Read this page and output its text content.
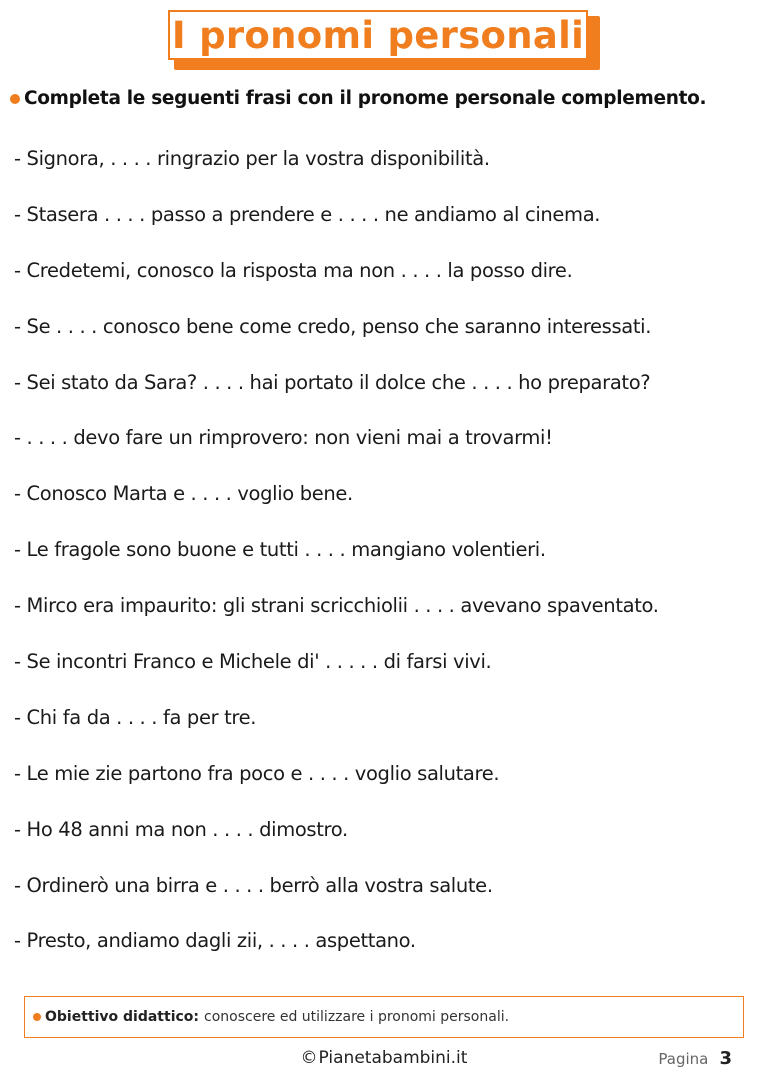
I pronomi personali
Completa le seguenti frasi con il pronome personale complemento.
- Signora, . . . . ringrazio per la vostra disponibilità.
- Stasera . . . . passo a prendere e . . . . ne andiamo al cinema.
- Credetemi, conosco la risposta ma non . . . . la posso dire.
- Se . . . . conosco bene come credo, penso che saranno interessati.
- Sei stato da Sara? . . . . hai portato il dolce che . . . . ho preparato?
- . . . . devo fare un rimprovero: non vieni mai a trovarmi!
- Conosco Marta e . . . . voglio bene.
- Le fragole sono buone e tutti . . . . mangiano volentieri.
- Mirco era impaurito: gli strani scricchiolii . . . . avevano spaventato.
- Se incontri Franco e Michele di' . . . . . di farsi vivi.
- Chi fa da . . . . fa per tre.
- Le mie zie partono fra poco e . . . . voglio salutare.
- Ho 48 anni ma non . . . . dimostro.
- Ordinerò una birra e . . . . berrò alla vostra salute.
- Presto, andiamo dagli zii, . . . . aspettano.
Obiettivo didattico: conoscere ed utilizzare i pronomi personali.
©Pianetabambini.it	Pagina 3
